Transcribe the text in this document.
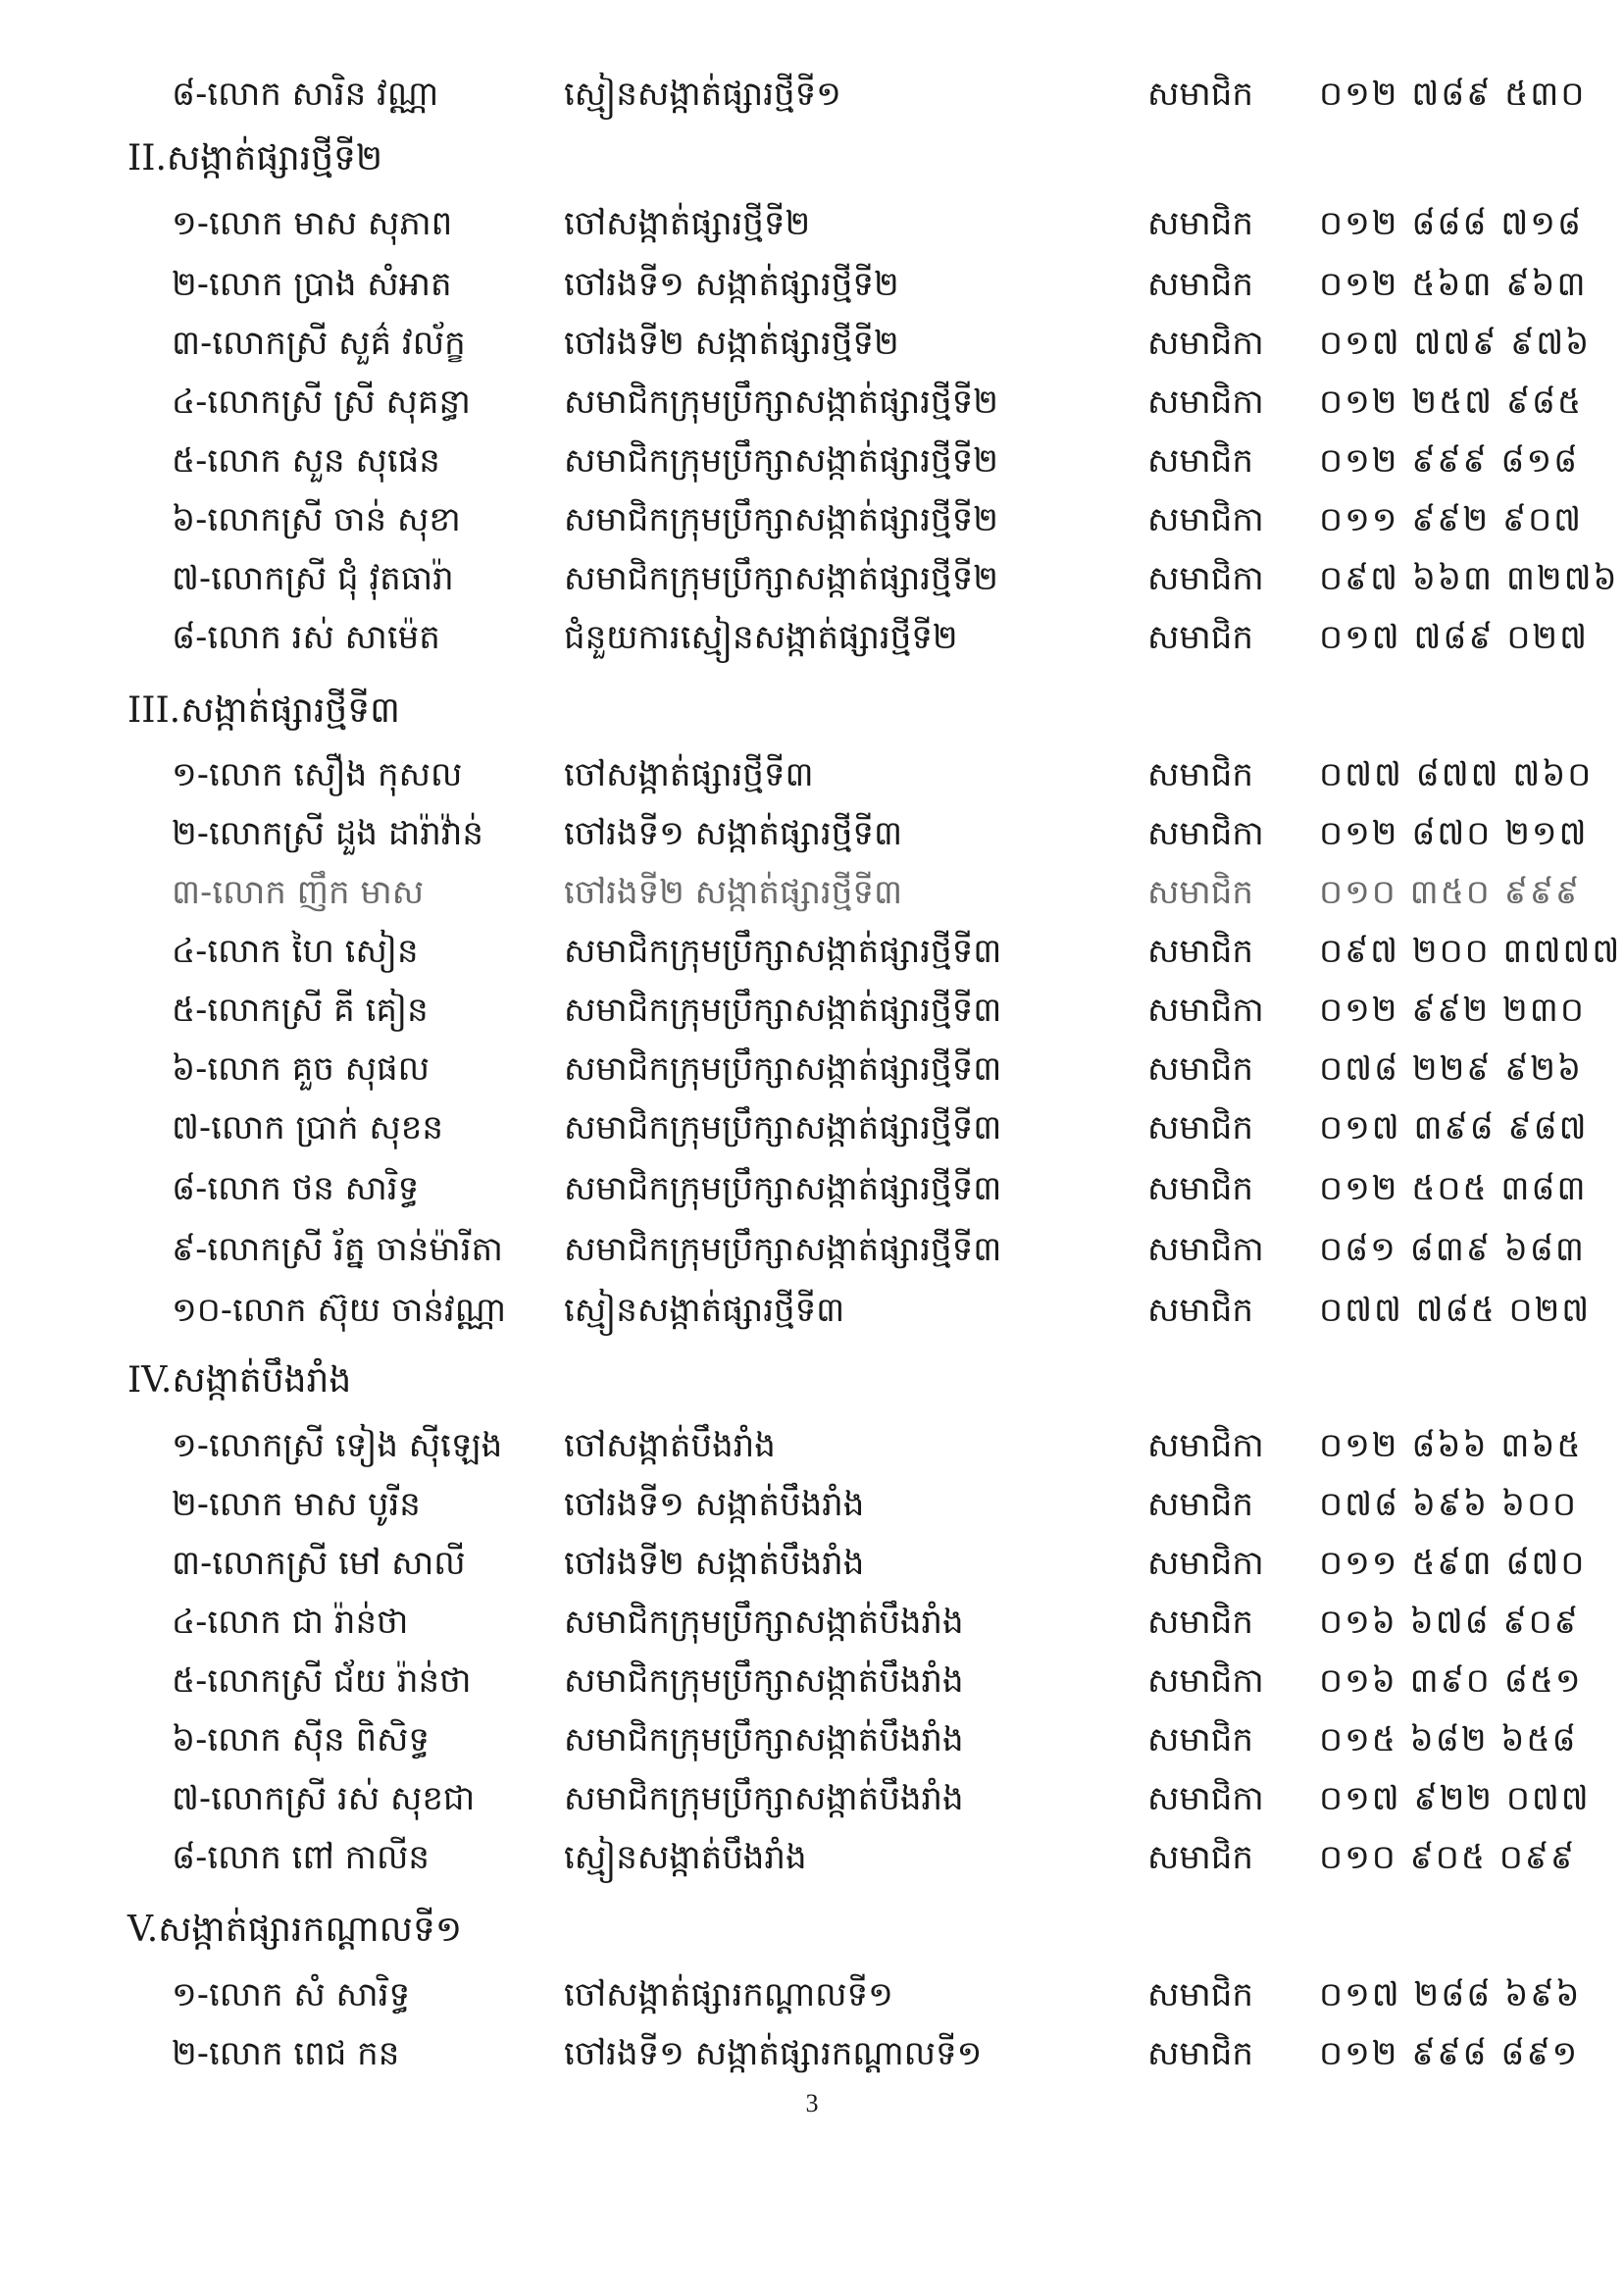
៨-លោក សារិន វណ្ណា	ស្មៀនសង្កាត់ផ្សារថ្មីទី១	សមាជិក	០១២ ៧៨៩ ៥៣០
II.សង្កាត់ផ្សារថ្មីទី២
១-លោក មាស សុភាព	ចៅសង្កាត់ផ្សារថ្មីទី២	សមាជិក	០១២ ៨៨៨ ៧១៨
២-លោក ប្រាង សំអាត	ចៅរងទី១ សង្កាត់ផ្សារថ្មីទី២	សមាជិក	០១២ ៥៦៣ ៩៦៣
៣-លោកស្រី សួគ៌ វល័ក្ខ	ចៅរងទី២ សង្កាត់ផ្សារថ្មីទី២	សមាជិកា	០១៧ ៧៧៩ ៩៧៦
៤-លោកស្រី ស្រី សុគន្ធា	សមាជិកក្រុមប្រឹក្សាសង្កាត់ផ្សារថ្មីទី២	សមាជិកា	០១២ ២៥៧ ៩៨៥
៥-លោក សួន សុផេន	សមាជិកក្រុមប្រឹក្សាសង្កាត់ផ្សារថ្មីទី២	សមាជិក	០១២ ៩៩៩ ៨១៨
៦-លោកស្រី ចាន់ សុខា	សមាជិកក្រុមប្រឹក្សាសង្កាត់ផ្សារថ្មីទី២	សមាជិកា	០១១ ៩៩២ ៩០៧
៧-លោកស្រី ជុំ វុតធារ៉ា	សមាជិកក្រុមប្រឹក្សាសង្កាត់ផ្សារថ្មីទី២	សមាជិកា	០៩៧ ៦៦៣ ៣២៧៦
៨-លោក រស់ សាម៉េត	ជំនួយការស្មៀនសង្កាត់ផ្សារថ្មីទី២	សមាជិក	០១៧ ៧៨៩ ០២៧
III.សង្កាត់ផ្សារថ្មីទី៣
១-លោក សឿង កុសល	ចៅសង្កាត់ផ្សារថ្មីទី៣	សមាជិក	០៧៧ ៨៧៧ ៧៦០
២-លោកស្រី ដួង ដារ៉ាវ៉ាន់	ចៅរងទី១ សង្កាត់ផ្សារថ្មីទី៣	សមាជិកា	០១២ ៨៧០ ២១៧
៣-លោក ញឹក មាស	ចៅរងទី២ សង្កាត់ផ្សារថ្មីទី៣	សមាជិក	០១០ ៣៥០ ៩៩៩
៤-លោក ហៃ សៀន	សមាជិកក្រុមប្រឹក្សាសង្កាត់ផ្សារថ្មីទី៣	សមាជិក	០៩៧ ២០០ ៣៧៧៧
៥-លោកស្រី គី គៀន	សមាជិកក្រុមប្រឹក្សាសង្កាត់ផ្សារថ្មីទី៣	សមាជិកា	០១២ ៩៩២ ២៣០
៦-លោក គួច សុផល	សមាជិកក្រុមប្រឹក្សាសង្កាត់ផ្សារថ្មីទី៣	សមាជិក	០៧៨ ២២៩ ៩២៦
៧-លោក ប្រាក់ សុខន	សមាជិកក្រុមប្រឹក្សាសង្កាត់ផ្សារថ្មីទី៣	សមាជិក	០១៧ ៣៩៨ ៩៨៧
៨-លោក ថន សារិទ្ធ	សមាជិកក្រុមប្រឹក្សាសង្កាត់ផ្សារថ្មីទី៣	សមាជិក	០១២ ៥០៥ ៣៨៣
៩-លោកស្រី រ័ត្ន ចាន់ម៉ារីតា	សមាជិកក្រុមប្រឹក្សាសង្កាត់ផ្សារថ្មីទី៣	សមាជិកា	០៨១ ៨៣៩ ៦៨៣
១០-លោក ស៊ុយ ចាន់វណ្ណា	ស្មៀនសង្កាត់ផ្សារថ្មីទី៣	សមាជិក	០៧៧ ៧៨៥ ០២៧
IV.សង្កាត់បឹងរាំង
១-លោកស្រី ទៀង ស៊ីឡេង	ចៅសង្កាត់បឹងរាំង	សមាជិកា	០១២ ៨៦៦ ៣៦៥
២-លោក មាស បូរីន	ចៅរងទី១ សង្កាត់បឹងរាំង	សមាជិក	០៧៨ ៦៩៦ ៦០០
៣-លោកស្រី មៅ សាលី	ចៅរងទី២ សង្កាត់បឹងរាំង	សមាជិកា	០១១ ៥៩៣ ៨៧០
៤-លោក ជា រ៉ាន់ថា	សមាជិកក្រុមប្រឹក្សាសង្កាត់បឹងរាំង	សមាជិក	០១៦ ៦៧៨ ៩០៩
៥-លោកស្រី ជ័យ រ៉ាន់ថា	សមាជិកក្រុមប្រឹក្សាសង្កាត់បឹងរាំង	សមាជិកា	០១៦ ៣៩០ ៨៥១
៦-លោក ស៊ីន ពិសិទ្ធ	សមាជិកក្រុមប្រឹក្សាសង្កាត់បឹងរាំង	សមាជិក	០១៥ ៦៨២ ៦៥៨
៧-លោកស្រី រស់ សុខជា	សមាជិកក្រុមប្រឹក្សាសង្កាត់បឹងរាំង	សមាជិកា	០១៧ ៩២២ ០៧៧
៨-លោក ពៅ កាលីន	ស្មៀនសង្កាត់បឹងរាំង	សមាជិក	០១០ ៩០៥ ០៩៩
V.សង្កាត់ផ្សារកណ្តាលទី១
១-លោក សំ សារិទ្ធ	ចៅសង្កាត់ផ្សារកណ្តាលទី១	សមាជិក	០១៧ ២៨៨ ៦៩៦
២-លោក ពេជ កន	ចៅរងទី១ សង្កាត់ផ្សារកណ្តាលទី១	សមាជិក	០១២ ៩៩៨ ៨៩១
3
